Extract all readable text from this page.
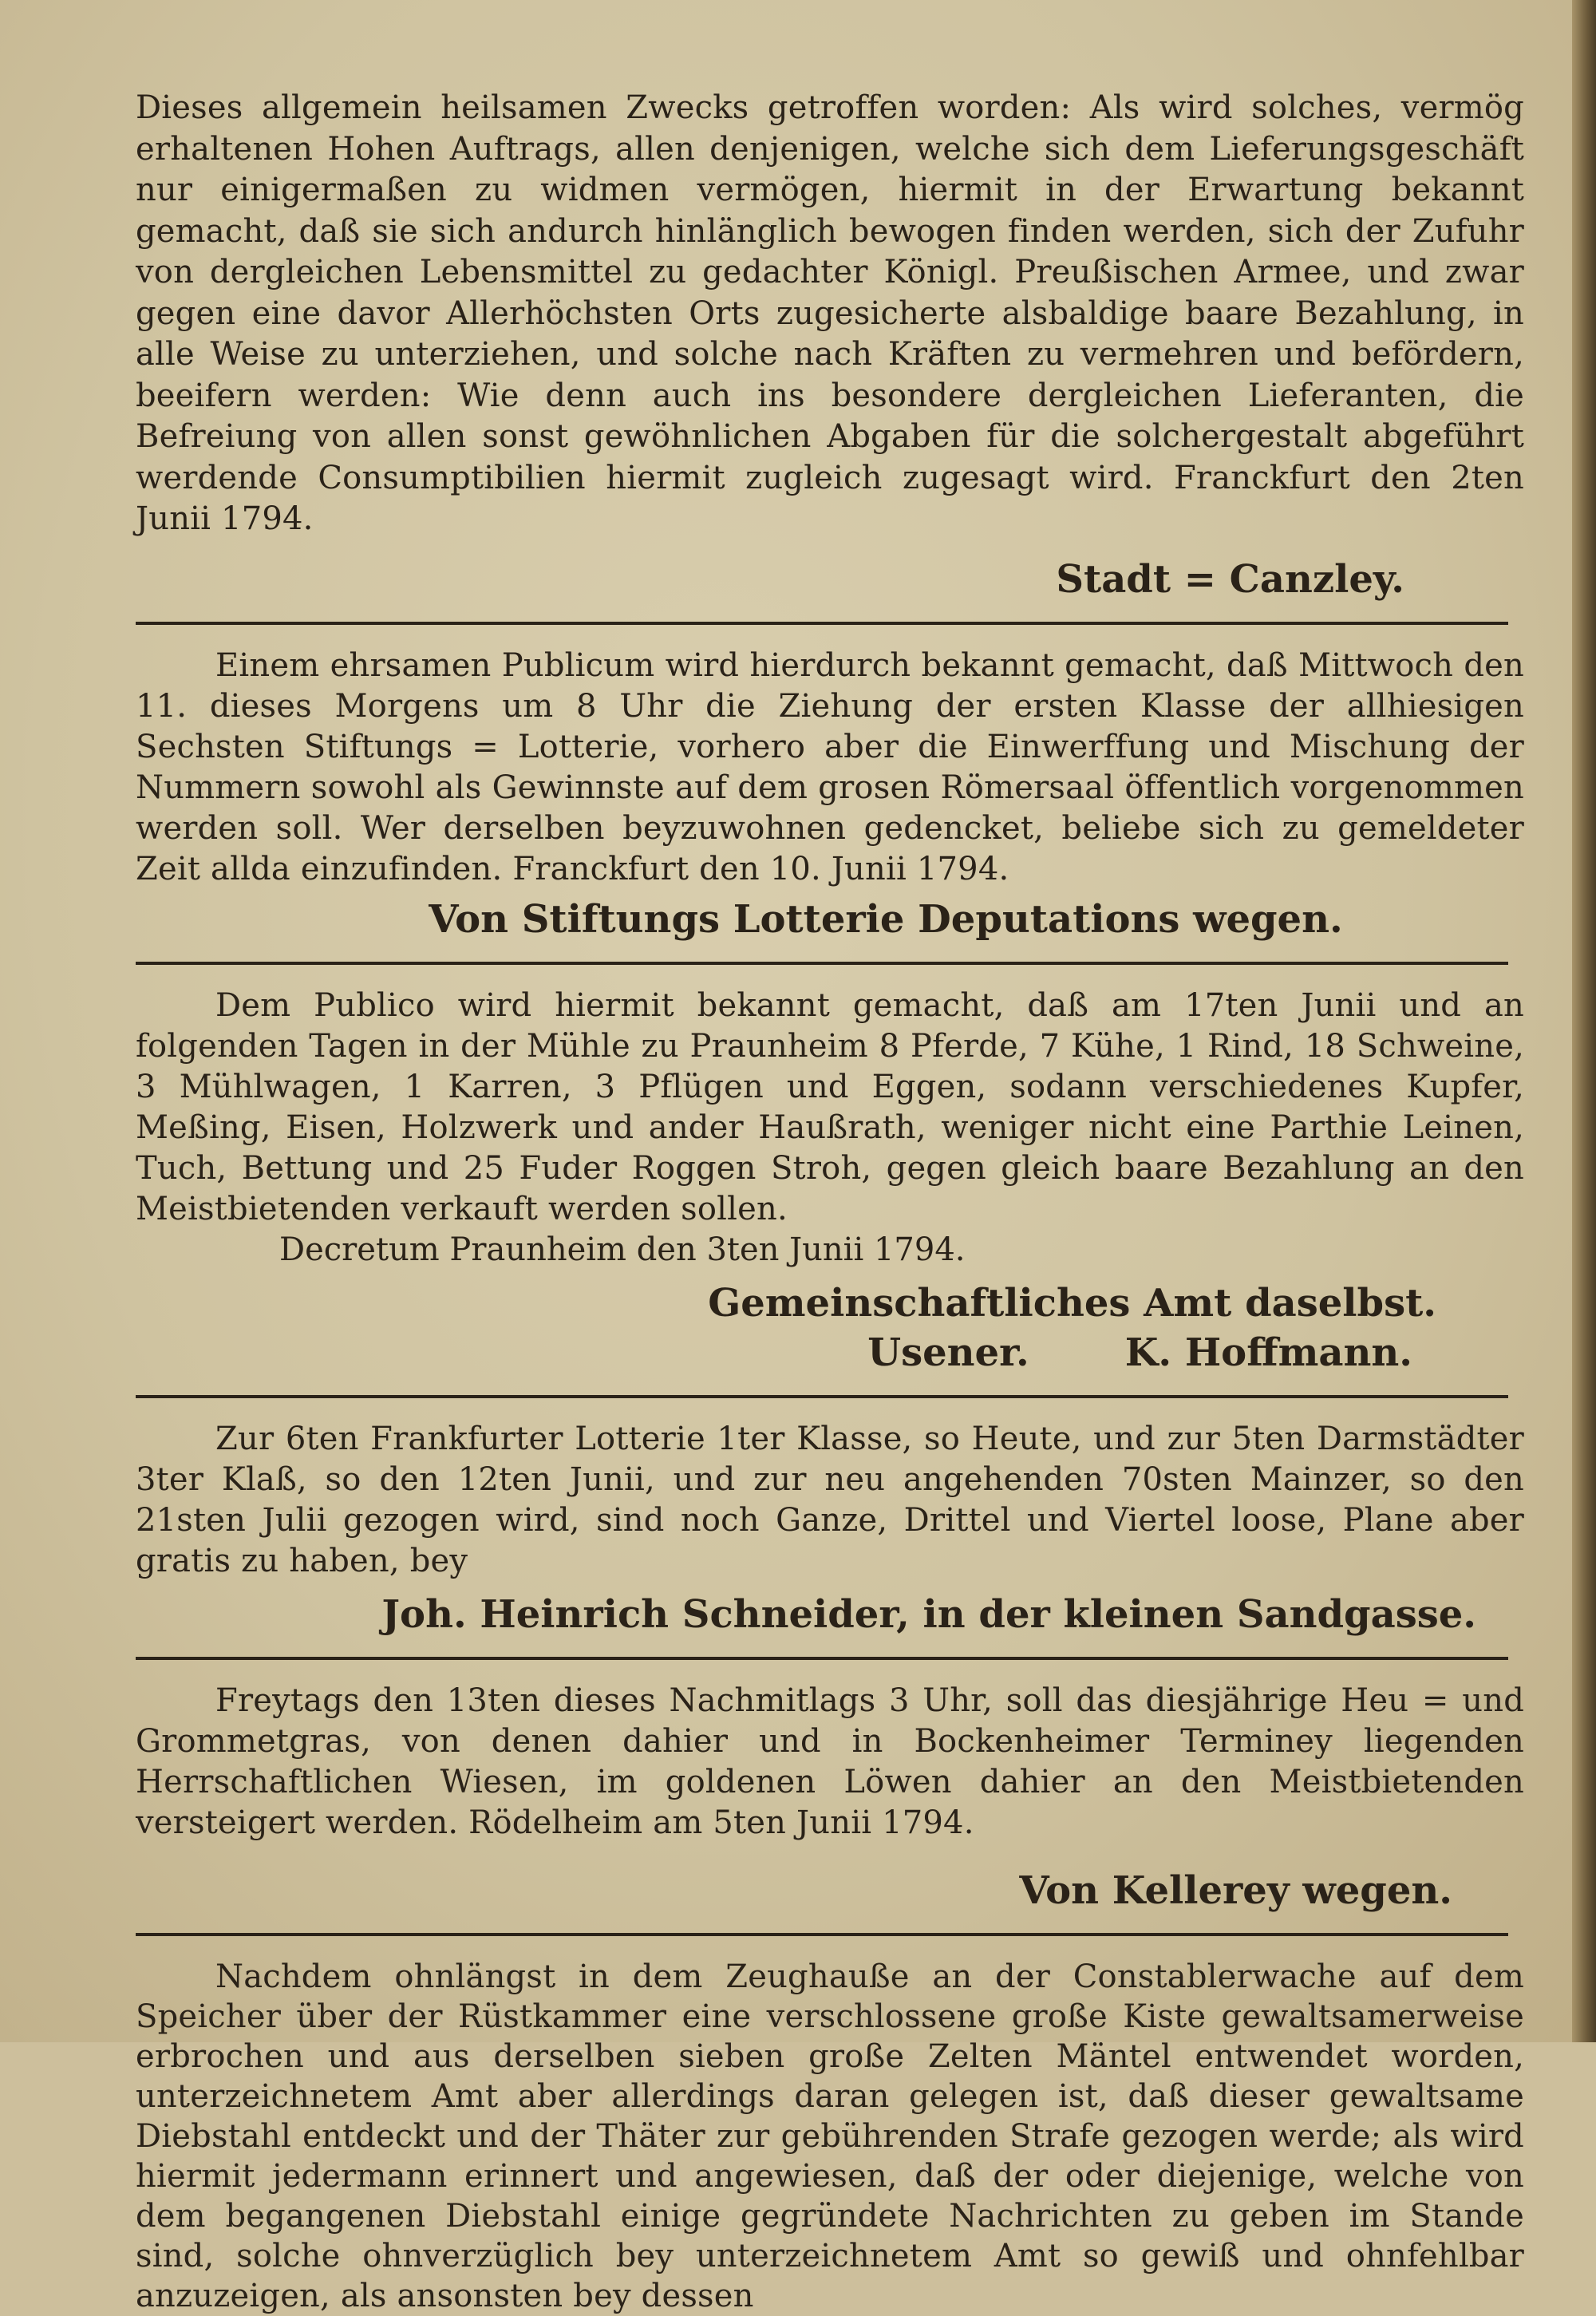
Dieses allgemein heilsamen Zwecks getroffen worden: Als wird solches, vermög erhaltenen Hohen Auftrags, allen denjenigen, welche sich dem Lieferungsgeschäft nur einigermaßen zu widmen vermögen, hiermit in der Erwartung bekannt gemacht, daß sie sich andurch hinlänglich bewogen finden werden, sich der Zufuhr von dergleichen Lebensmittel zu gedachter Königl. Preußischen Armee, und zwar gegen eine davor Allerhöchsten Orts zugesicherte alsbaldige baare Bezahlung, in alle Weise zu unterziehen, und solche nach Kräften zu vermehren und befördern, beeifern werden: Wie denn auch ins besondere dergleichen Lieferanten, die Befreiung von allen sonst gewöhnlichen Abgaben für die solchergestalt abgeführt werdende Consumptibilien hiermit zugleich zugesagt wird. Franckfurt den 2ten Junii 1794.

Stadt = Canzley.

Einem ehrsamen Publicum wird hierdurch bekannt gemacht, daß Mittwoch den 11. dieses Morgens um 8 Uhr die Ziehung der ersten Klasse der allhiesigen Sechsten Stiftungs = Lotterie, vorhero aber die Einwerffung und Mischung der Nummern sowohl als Gewinnste auf dem grosen Römersaal öffentlich vorgenommen werden soll. Wer derselben beyzuwohnen gedencket, beliebe sich zu gemeldeter Zeit allda einzufinden. Franckfurt den 10. Junii 1794.

Von Stiftungs Lotterie Deputations wegen.

Dem Publico wird hiermit bekannt gemacht, daß am 17ten Junii und an folgenden Tagen in der Mühle zu Praunheim 8 Pferde, 7 Kühe, 1 Rind, 18 Schweine, 3 Mühlwagen, 1 Karren, 3 Pflügen und Eggen, sodann verschiedenes Kupfer, Meßing, Eisen, Holzwerk und ander Haußrath, weniger nicht eine Parthie Leinen, Tuch, Bettung und 25 Fuder Roggen Stroh, gegen gleich baare Bezahlung an den Meistbietenden verkauft werden sollen.

Decretum Praunheim den 3ten Junii 1794.
Gemeinschaftliches Amt daselbst.
Usener.	K. Hoffmann.

Zur 6ten Frankfurter Lotterie 1ter Klasse, so Heute, und zur 5ten Darmstädter 3ter Klaß, so den 12ten Junii, und zur neu angehenden 70sten Mainzer, so den 21sten Julii gezogen wird, sind noch Ganze, Drittel und Viertel loose, Plane aber gratis zu haben, bey

Joh. Heinrich Schneider, in der kleinen Sandgasse.

Freytags den 13ten dieses Nachmitlags 3 Uhr, soll das diesjährige Heu = und Grommetgras, von denen dahier und in Bockenheimer Terminey liegenden Herrschaftlichen Wiesen, im goldenen Löwen dahier an den Meistbietenden versteigert werden. Rödelheim am 5ten Junii 1794.

Von Kellerey wegen.

Nachdem ohnlängst in dem Zeughauße an der Constablerwache auf dem Speicher über der Rüstkammer eine verschlossene große Kiste gewaltsamerweise erbrochen und aus derselben sieben große Zelten Mäntel entwendet worden, unterzeichnetem Amt aber allerdings daran gelegen ist, daß dieser gewaltsame Diebstahl entdeckt und der Thäter zur gebührenden Strafe gezogen werde; als wird hiermit jedermann erinnert und angewiesen, daß der oder diejenige, welche von dem begangenen Diebstahl einige gegründete Nachrichten zu geben im Stande sind, solche ohnverzüglich bey unterzeichnetem Amt so gewiß und ohnfehlbar anzuzeigen, als ansonsten bey dessen
